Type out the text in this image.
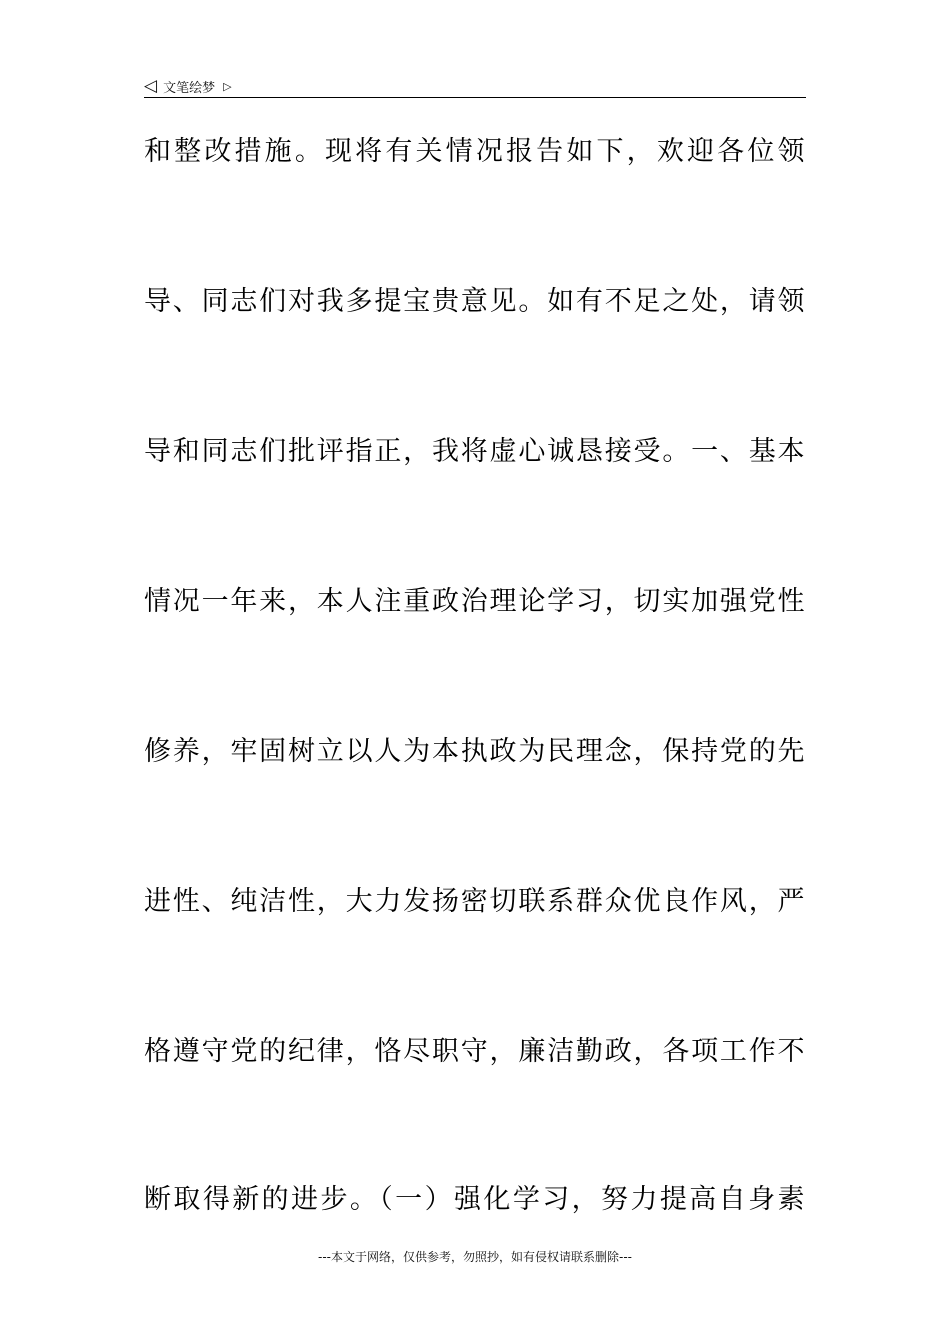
◁ 文笔绘梦 ▷
和整改措施。现将有关情况报告如下，欢迎各位领
导、同志们对我多提宝贵意见。如有不足之处，请领
导和同志们批评指正，我将虚心诚恳接受。一、基本
情况一年来，本人注重政治理论学习，切实加强党性
修养，牢固树立以人为本执政为民理念，保持党的先
进性、纯洁性，大力发扬密切联系群众优良作风，严
格遵守党的纪律，恪尽职守，廉洁勤政，各项工作不
断取得新的进步。（一）强化学习，努力提高自身素
---本文于网络，仅供参考，勿照抄，如有侵权请联系删除---
